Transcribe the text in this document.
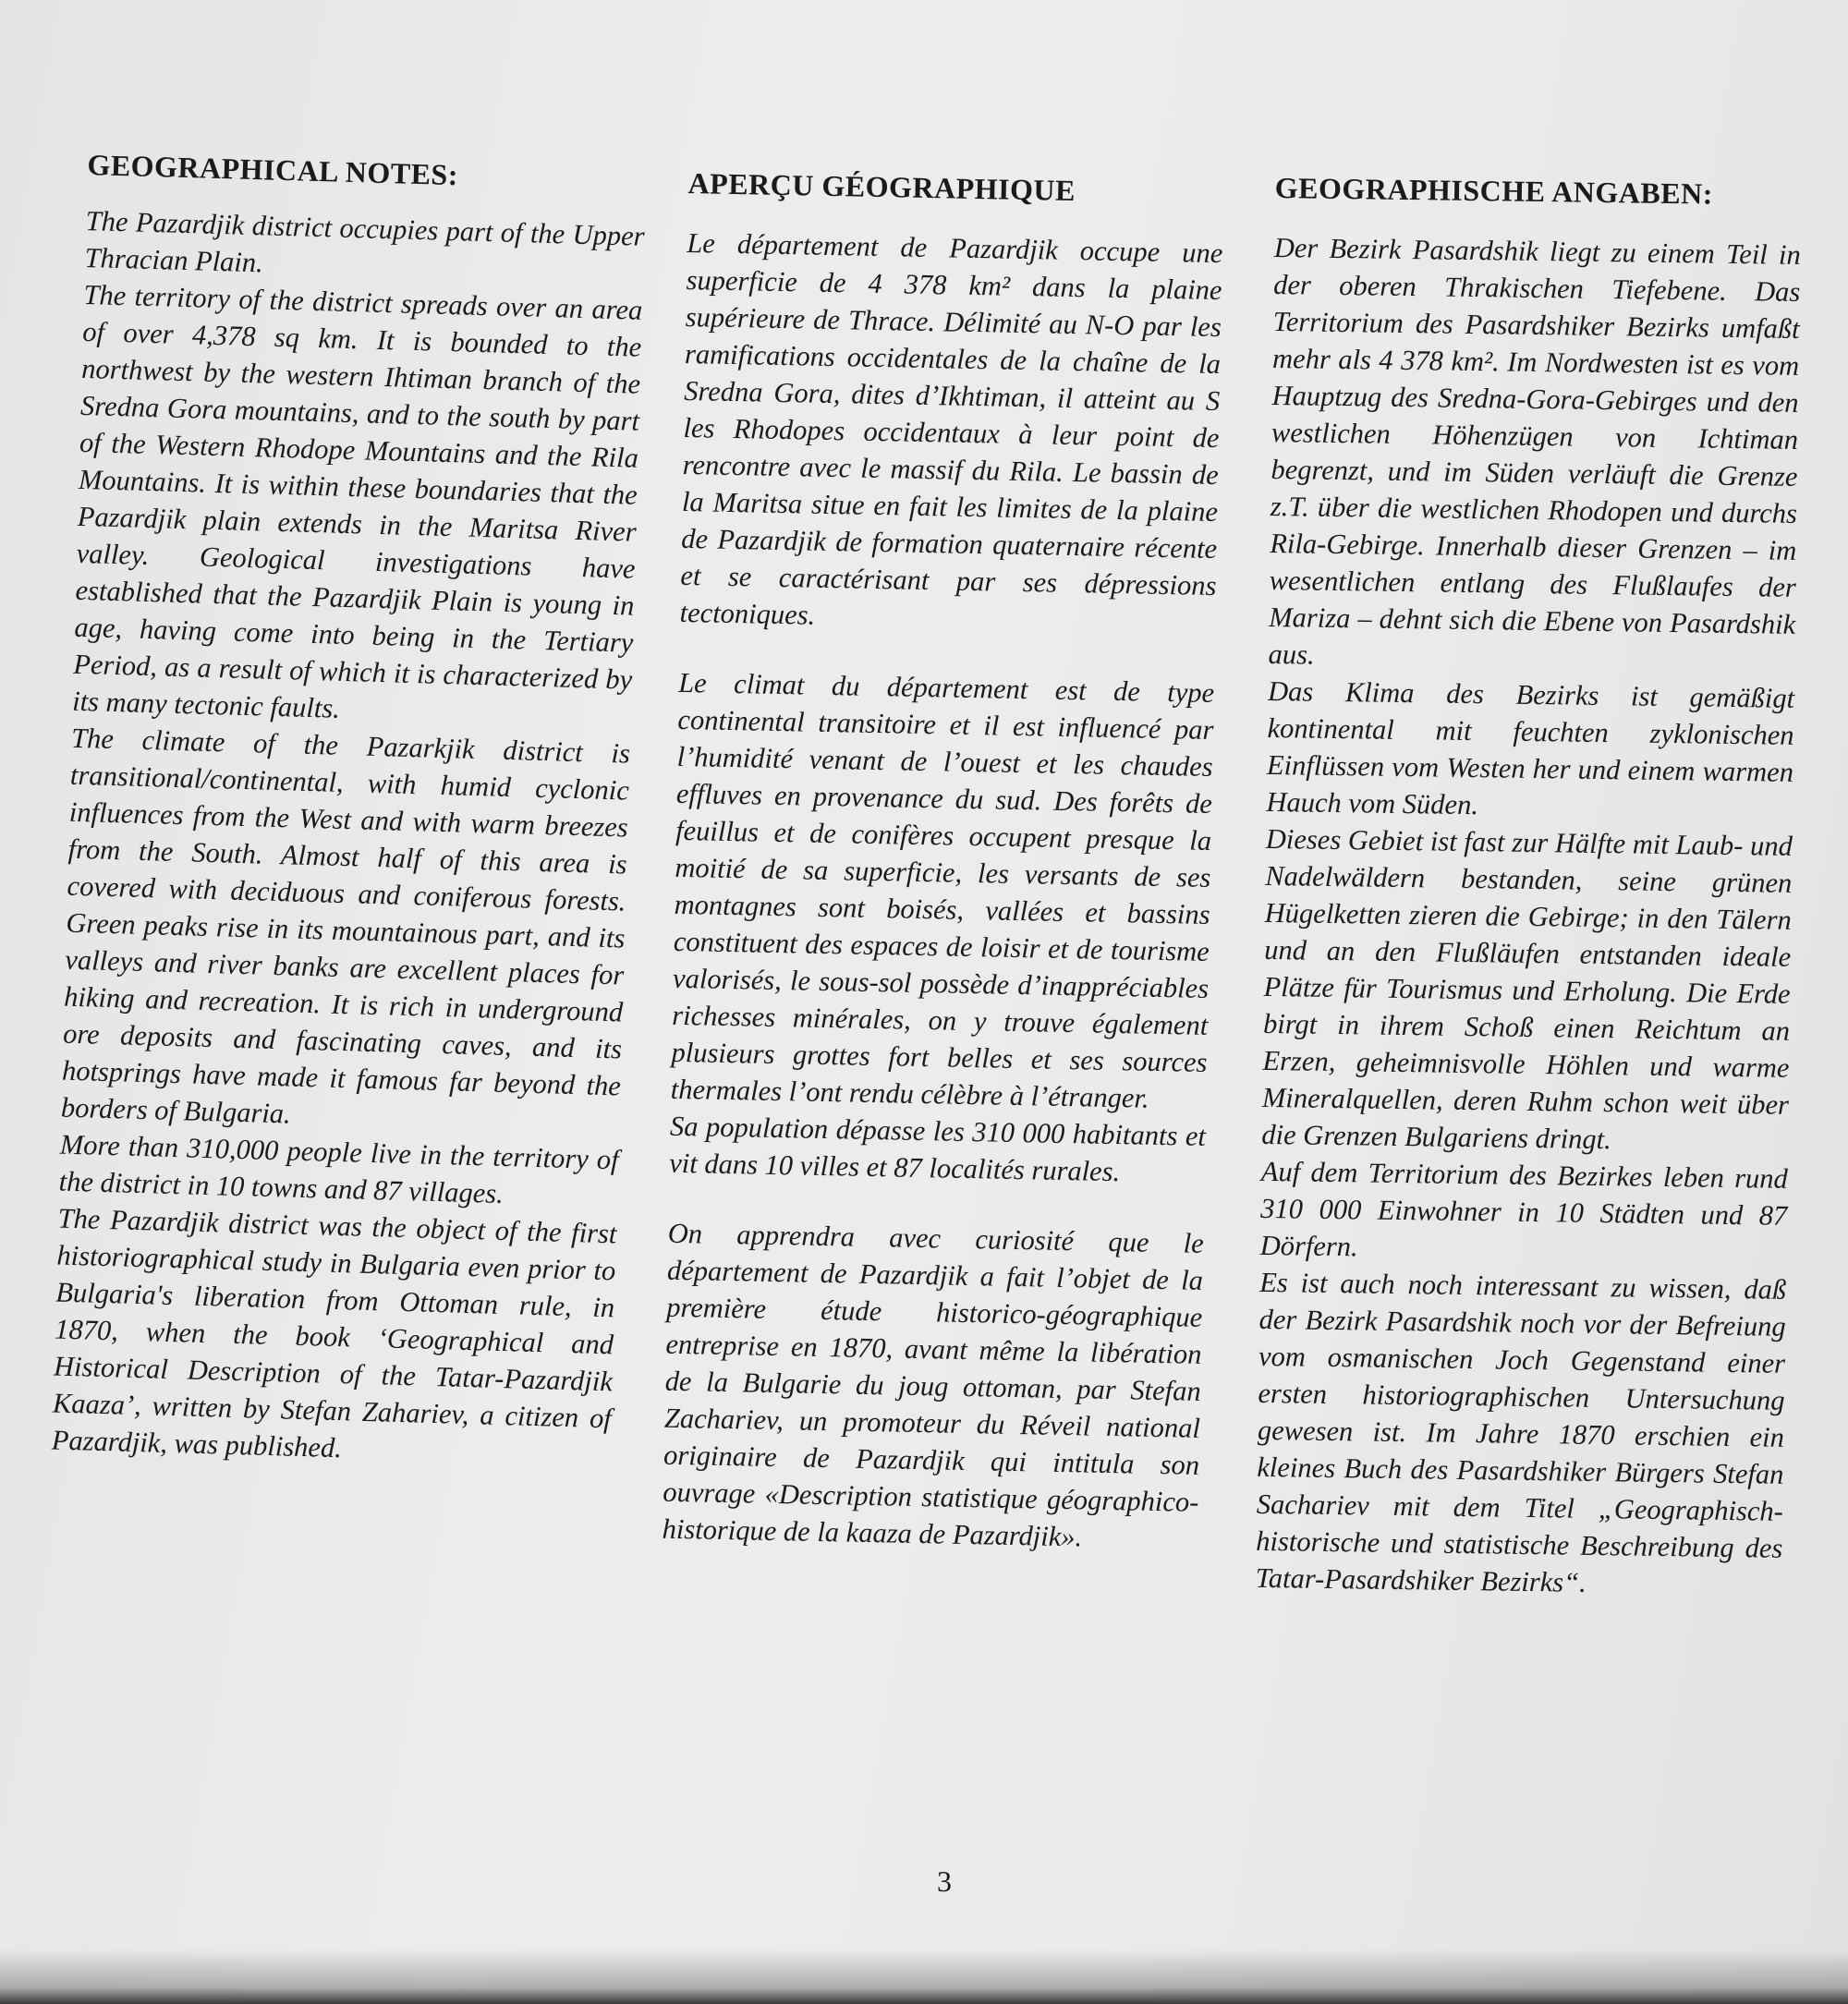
GEOGRAPHICAL NOTES:

The Pazardjik district occupies part of the Upper Thracian Plain.

The territory of the district spreads over an area of over 4,378 sq km. It is bounded to the northwest by the western Ihtiman branch of the Sredna Gora mountains, and to the south by part of the Western Rhodope Mountains and the Rila Mountains. It is within these boundaries that the Pazardjik plain extends in the Maritsa River valley. Geological investigations have established that the Pazardjik Plain is young in age, having come into being in the Tertiary Period, as a result of which it is characterized by its many tectonic faults.

The climate of the Pazarkjik district is transitional/continental, with humid cyclonic influences from the West and with warm breezes from the South. Almost half of this area is covered with deciduous and coniferous forests. Green peaks rise in its mountainous part, and its valleys and river banks are excellent places for hiking and recreation. It is rich in underground ore deposits and fascinating caves, and its hotsprings have made it famous far beyond the borders of Bulgaria.

More than 310,000 people live in the territory of the district in 10 towns and 87 villages.

The Pazardjik district was the object of the first historiographical study in Bulgaria even prior to Bulgaria's liberation from Ottoman rule, in 1870, when the book ‘Geographical and Historical Description of the Tatar-Pazardjik Kaaza’, written by Stefan Zahariev, a citizen of Pazardjik, was published.

APERÇU GÉOGRAPHIQUE

Le département de Pazardjik occupe une superficie de 4 378 km² dans la plaine supérieure de Thrace. Délimité au N-O par les ramifications occidentales de la chaîne de la Sredna Gora, dites d’Ikhtiman, il atteint au S les Rhodopes occidentaux à leur point de rencontre avec le massif du Rila. Le bassin de la Maritsa situe en fait les limites de la plaine de Pazardjik de formation quaternaire récente et se caractérisant par ses dépressions tectoniques.

Le climat du département est de type continental transitoire et il est influencé par l’humidité venant de l’ouest et les chaudes effluves en provenance du sud. Des forêts de feuillus et de conifères occupent presque la moitié de sa superficie, les versants de ses montagnes sont boisés, vallées et bassins constituent des espaces de loisir et de tourisme valorisés, le sous-sol possède d’inappréciables richesses minérales, on y trouve également plusieurs grottes fort belles et ses sources thermales l’ont rendu célèbre à l’étranger.

Sa population dépasse les 310 000 habitants et vit dans 10 villes et 87 localités rurales.

On apprendra avec curiosité que le département de Pazardjik a fait l’objet de la première étude historico-géographique entreprise en 1870, avant même la libération de la Bulgarie du joug ottoman, par Stefan Zachariev, un promoteur du Réveil national originaire de Pazardjik qui intitula son ouvrage «Description statistique géographico-historique de la kaaza de Pazardjik».

GEOGRAPHISCHE ANGABEN:

Der Bezirk Pasardshik liegt zu einem Teil in der oberen Thrakischen Tiefebene. Das Territorium des Pasardshiker Bezirks umfaßt mehr als 4 378 km². Im Nordwesten ist es vom Hauptzug des Sredna-Gora-Gebirges und den westlichen Höhenzügen von Ichtiman begrenzt, und im Süden verläuft die Grenze z.T. über die westlichen Rhodopen und durchs Rila-Gebirge. Innerhalb dieser Grenzen – im wesentlichen entlang des Flußlaufes der Mariza – dehnt sich die Ebene von Pasardshik aus.

Das Klima des Bezirks ist gemäßigt kontinental mit feuchten zyklonischen Einflüssen vom Westen her und einem warmen Hauch vom Süden.

Dieses Gebiet ist fast zur Hälfte mit Laub- und Nadelwäldern bestanden, seine grünen Hügelketten zieren die Gebirge; in den Tälern und an den Flußläufen entstanden ideale Plätze für Tourismus und Erholung. Die Erde birgt in ihrem Schoß einen Reichtum an Erzen, geheimnisvolle Höhlen und warme Mineralquellen, deren Ruhm schon weit über die Grenzen Bulgariens dringt.

Auf dem Territorium des Bezirkes leben rund 310 000 Einwohner in 10 Städten und 87 Dörfern.

Es ist auch noch interessant zu wissen, daß der Bezirk Pasardshik noch vor der Befreiung vom osmanischen Joch Gegenstand einer ersten historiographischen Untersuchung gewesen ist. Im Jahre 1870 erschien ein kleines Buch des Pasardshiker Bürgers Stefan Sachariev mit dem Titel „Geographisch-historische und statistische Beschreibung des Tatar-Pasardshiker Bezirks“.

3
